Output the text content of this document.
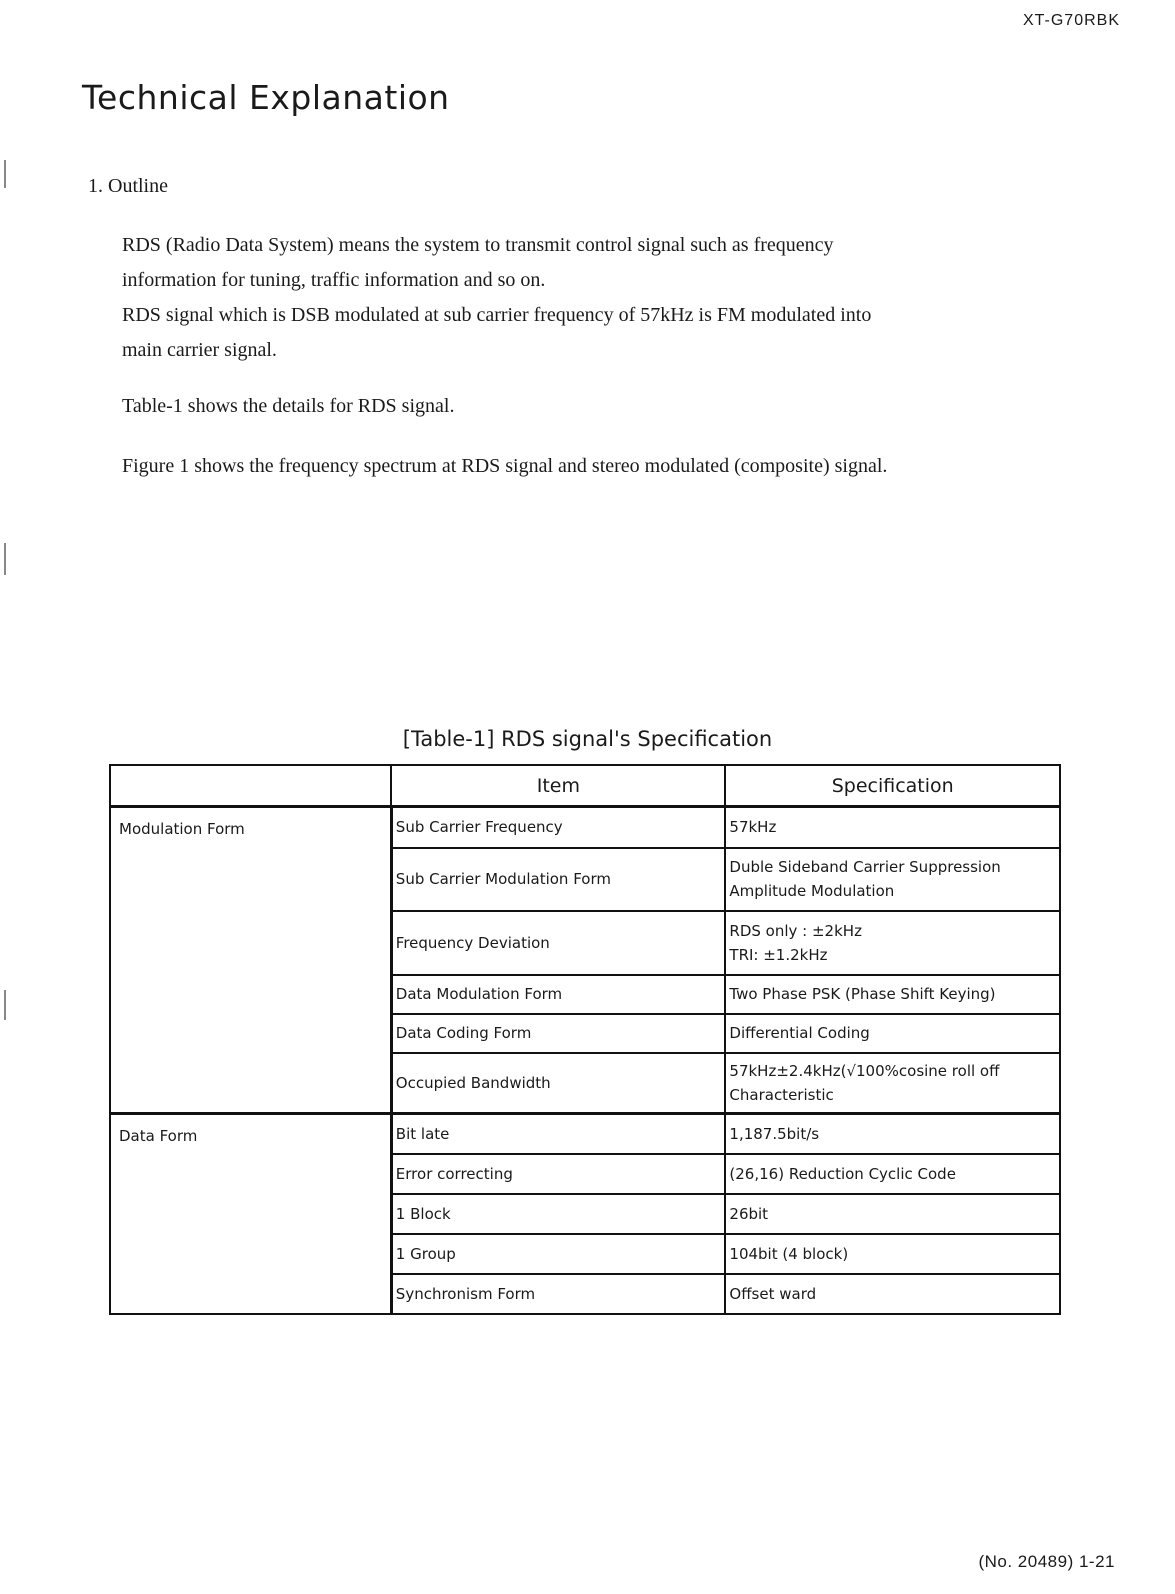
XT-G70RBK
Technical Explanation
1. Outline
RDS (Radio Data System) means the system to transmit control signal such as frequency
information for tuning, traffic information and so on.
RDS signal which is DSB modulated at sub carrier frequency of 57kHz is FM modulated into
main carrier signal.

Table-1 shows the details for RDS signal.

Figure 1 shows the frequency spectrum at RDS signal and stereo modulated (composite) signal.

[Table-1] RDS signal's Specification
	Item	Specification
Modulation Form	Sub Carrier Frequency	57kHz
	Sub Carrier Modulation Form	Duble Sideband Carrier Suppression
Amplitude Modulation

	Frequency Deviation	RDS only : ±2kHz
TRI: ±1.2kHz

	Data Modulation Form	Two Phase PSK (Phase Shift Keying)
	Data Coding Form	Differential Coding
	Occupied Bandwidth	57kHz±2.4kHz(√100%cosine roll off
Characteristic

Data Form	Bit late	1,187.5bit/s
	Error correcting	(26,16) Reduction Cyclic Code
	1 Block	26bit
	1 Group	104bit (4 block)
	Synchronism Form	Offset ward
(No. 20489) 1-21
